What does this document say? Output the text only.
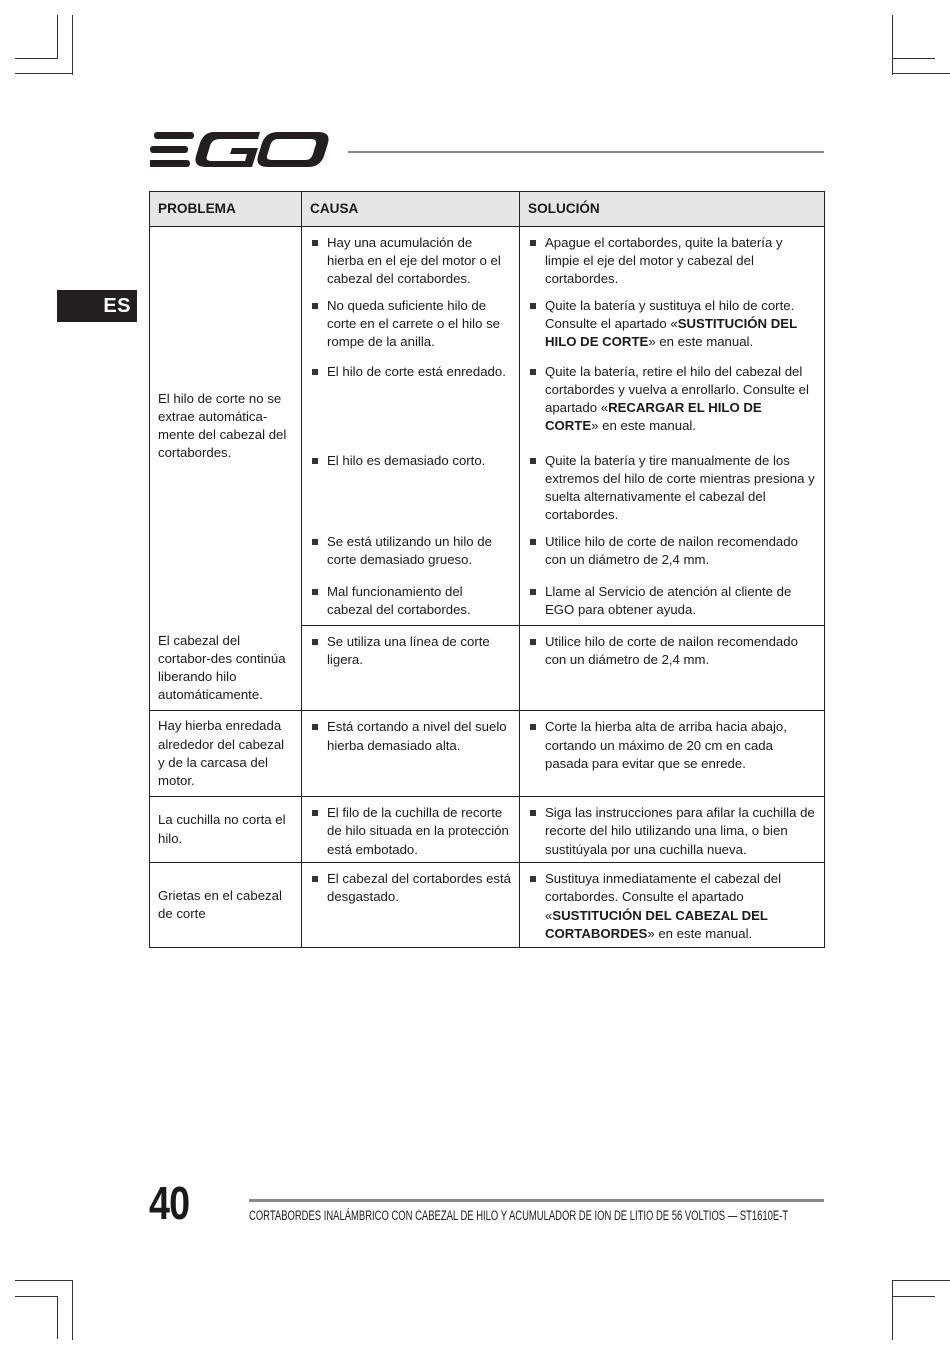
ES
PROBLEMA	CAUSA	SOLUCIÓN
El hilo de corte no se extrae automática-mente del cabezal del cortabordes.	Hay una acumulación de hierba en el eje del motor o el cabezal del cortabordes.	Apague el cortabordes, quite la batería y limpie el eje del motor y cabezal del cortabordes.

	No queda suficiente hilo de corte en el carrete o el hilo se rompe de la anilla.	Quite la batería y sustituya el hilo de corte. Consulte el apartado «SUSTITUCIÓN DEL HILO DE CORTE» en este manual.

	El hilo de corte está enredado.	Quite la batería, retire el hilo del cabezal del cortabordes y vuelva a enrollarlo. Consulte el apartado «RECARGAR EL HILO DE CORTE» en este manual.

	El hilo es demasiado corto.	Quite la batería y tire manualmente de los extremos del hilo de corte mientras presiona y suelta alternativamente el cabezal del cortabordes.

	Se está utilizando un hilo de corte demasiado grueso.	Utilice hilo de corte de nailon recomendado con un diámetro de 2,4 mm.

	Mal funcionamiento del cabezal del cortabordes.	Llame al Servicio de atención al cliente de EGO para obtener ayuda.

El cabezal del cortabor-des continúa liberando hilo automáticamente.	Se utiliza una línea de corte ligera.	Utilice hilo de corte de nailon recomendado con un diámetro de 2,4 mm.

Hay hierba enredada alrededor del cabezal y de la carcasa del motor.	Está cortando a nivel del suelo hierba demasiado alta.	Corte la hierba alta de arriba hacia abajo, cortando un máximo de 20 cm en cada pasada para evitar que se enrede.

La cuchilla no corta el hilo.	El filo de la cuchilla de recorte de hilo situada en la protección está embotado.	Siga las instrucciones para afilar la cuchilla de recorte del hilo utilizando una lima, o bien sustitúyala por una cuchilla nueva.

Grietas en el cabezal de corte	El cabezal del cortabordes está desgastado.	Sustituya inmediatamente el cabezal del cortabordes. Consulte el apartado «SUSTITUCIÓN DEL CABEZAL DEL CORTABORDES» en este manual.
40	CORTABORDES INALÁMBRICO CON CABEZAL DE HILO Y ACUMULADOR DE ION DE LITIO DE 56 VOLTIOS — ST1610E-T
